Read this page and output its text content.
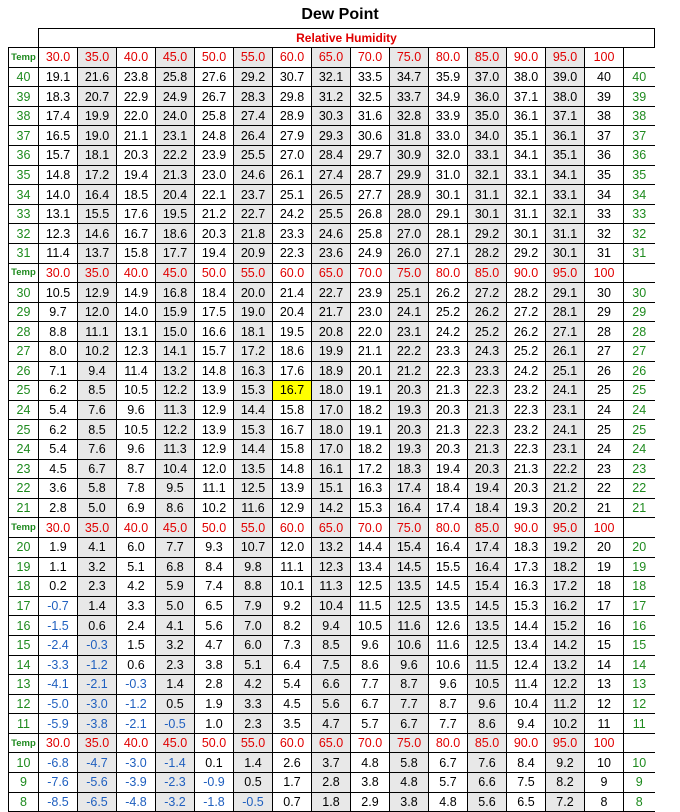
Dew Point
	Relative Humidity															
Temp	30.0	35.0	40.0	45.0	50.0	55.0	60.0	65.0	70.0	75.0	80.0	85.0	90.0	95.0	100	
40	19.1	21.6	23.8	25.8	27.6	29.2	30.7	32.1	33.5	34.7	35.9	37.0	38.0	39.0	40	40
39	18.3	20.7	22.9	24.9	26.7	28.3	29.8	31.2	32.5	33.7	34.9	36.0	37.1	38.0	39	39
38	17.4	19.9	22.0	24.0	25.8	27.4	28.9	30.3	31.6	32.8	33.9	35.0	36.1	37.1	38	38
37	16.5	19.0	21.1	23.1	24.8	26.4	27.9	29.3	30.6	31.8	33.0	34.0	35.1	36.1	37	37
36	15.7	18.1	20.3	22.2	23.9	25.5	27.0	28.4	29.7	30.9	32.0	33.1	34.1	35.1	36	36
35	14.8	17.2	19.4	21.3	23.0	24.6	26.1	27.4	28.7	29.9	31.0	32.1	33.1	34.1	35	35
34	14.0	16.4	18.5	20.4	22.1	23.7	25.1	26.5	27.7	28.9	30.1	31.1	32.1	33.1	34	34
33	13.1	15.5	17.6	19.5	21.2	22.7	24.2	25.5	26.8	28.0	29.1	30.1	31.1	32.1	33	33
32	12.3	14.6	16.7	18.6	20.3	21.8	23.3	24.6	25.8	27.0	28.1	29.2	30.1	31.1	32	32
31	11.4	13.7	15.8	17.7	19.4	20.9	22.3	23.6	24.9	26.0	27.1	28.2	29.2	30.1	31	31
Temp	30.0	35.0	40.0	45.0	50.0	55.0	60.0	65.0	70.0	75.0	80.0	85.0	90.0	95.0	100	
30	10.5	12.9	14.9	16.8	18.4	20.0	21.4	22.7	23.9	25.1	26.2	27.2	28.2	29.1	30	30
29	9.7	12.0	14.0	15.9	17.5	19.0	20.4	21.7	23.0	24.1	25.2	26.2	27.2	28.1	29	29
28	8.8	11.1	13.1	15.0	16.6	18.1	19.5	20.8	22.0	23.1	24.2	25.2	26.2	27.1	28	28
27	8.0	10.2	12.3	14.1	15.7	17.2	18.6	19.9	21.1	22.2	23.3	24.3	25.2	26.1	27	27
26	7.1	9.4	11.4	13.2	14.8	16.3	17.6	18.9	20.1	21.2	22.3	23.3	24.2	25.1	26	26
25	6.2	8.5	10.5	12.2	13.9	15.3	16.7	18.0	19.1	20.3	21.3	22.3	23.2	24.1	25	25
24	5.4	7.6	9.6	11.3	12.9	14.4	15.8	17.0	18.2	19.3	20.3	21.3	22.3	23.1	24	24
25	6.2	8.5	10.5	12.2	13.9	15.3	16.7	18.0	19.1	20.3	21.3	22.3	23.2	24.1	25	25
24	5.4	7.6	9.6	11.3	12.9	14.4	15.8	17.0	18.2	19.3	20.3	21.3	22.3	23.1	24	24
23	4.5	6.7	8.7	10.4	12.0	13.5	14.8	16.1	17.2	18.3	19.4	20.3	21.3	22.2	23	23
22	3.6	5.8	7.8	9.5	11.1	12.5	13.9	15.1	16.3	17.4	18.4	19.4	20.3	21.2	22	22
21	2.8	5.0	6.9	8.6	10.2	11.6	12.9	14.2	15.3	16.4	17.4	18.4	19.3	20.2	21	21
Temp	30.0	35.0	40.0	45.0	50.0	55.0	60.0	65.0	70.0	75.0	80.0	85.0	90.0	95.0	100	
20	1.9	4.1	6.0	7.7	9.3	10.7	12.0	13.2	14.4	15.4	16.4	17.4	18.3	19.2	20	20
19	1.1	3.2	5.1	6.8	8.4	9.8	11.1	12.3	13.4	14.5	15.5	16.4	17.3	18.2	19	19
18	0.2	2.3	4.2	5.9	7.4	8.8	10.1	11.3	12.5	13.5	14.5	15.4	16.3	17.2	18	18
17	-0.7	1.4	3.3	5.0	6.5	7.9	9.2	10.4	11.5	12.5	13.5	14.5	15.3	16.2	17	17
16	-1.5	0.6	2.4	4.1	5.6	7.0	8.2	9.4	10.5	11.6	12.6	13.5	14.4	15.2	16	16
15	-2.4	-0.3	1.5	3.2	4.7	6.0	7.3	8.5	9.6	10.6	11.6	12.5	13.4	14.2	15	15
14	-3.3	-1.2	0.6	2.3	3.8	5.1	6.4	7.5	8.6	9.6	10.6	11.5	12.4	13.2	14	14
13	-4.1	-2.1	-0.3	1.4	2.8	4.2	5.4	6.6	7.7	8.7	9.6	10.5	11.4	12.2	13	13
12	-5.0	-3.0	-1.2	0.5	1.9	3.3	4.5	5.6	6.7	7.7	8.7	9.6	10.4	11.2	12	12
11	-5.9	-3.8	-2.1	-0.5	1.0	2.3	3.5	4.7	5.7	6.7	7.7	8.6	9.4	10.2	11	11
Temp	30.0	35.0	40.0	45.0	50.0	55.0	60.0	65.0	70.0	75.0	80.0	85.0	90.0	95.0	100	
10	-6.8	-4.7	-3.0	-1.4	0.1	1.4	2.6	3.7	4.8	5.8	6.7	7.6	8.4	9.2	10	10
9	-7.6	-5.6	-3.9	-2.3	-0.9	0.5	1.7	2.8	3.8	4.8	5.7	6.6	7.5	8.2	9	9
8	-8.5	-6.5	-4.8	-3.2	-1.8	-0.5	0.7	1.8	2.9	3.8	4.8	5.6	6.5	7.2	8	8
